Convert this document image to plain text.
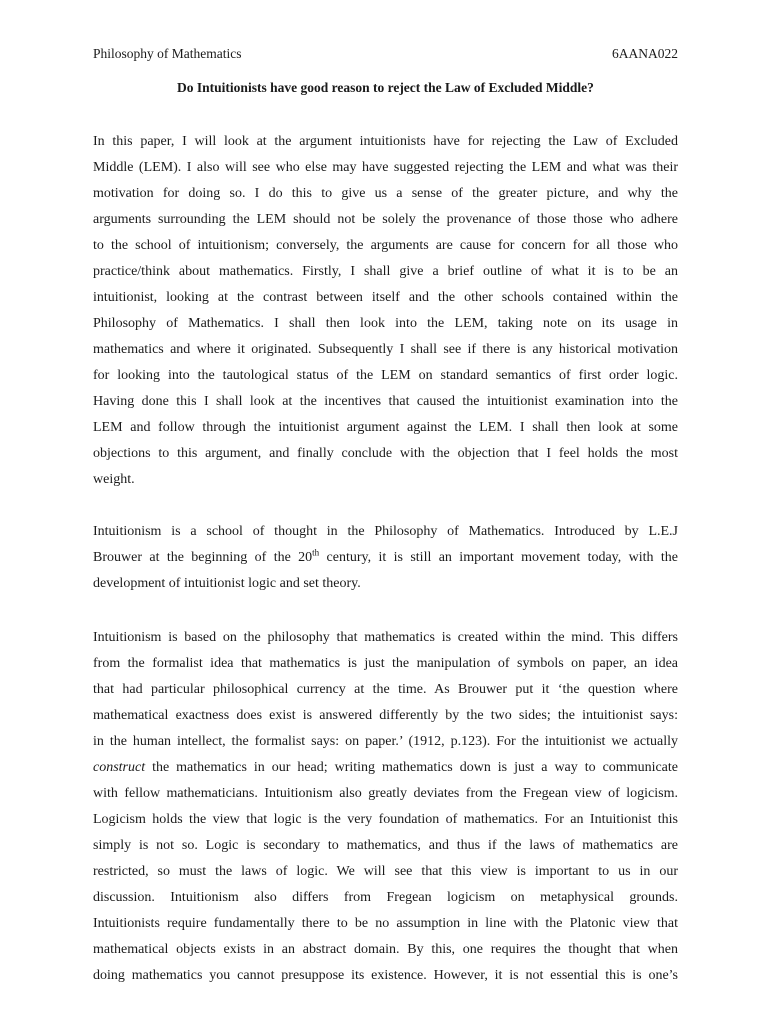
Philosophy of Mathematics	6AANA022
Do Intuitionists have good reason to reject the Law of Excluded Middle?
In this paper, I will look at the argument intuitionists have for rejecting the Law of Excluded
Middle (LEM). I also will see who else may have suggested rejecting the LEM and what was their
motivation for doing so. I do this to give us a sense of the greater picture, and why the
arguments surrounding the LEM should not be solely the provenance of those those who adhere
to the school of intuitionism; conversely, the arguments are cause for concern for all those who
practice/think about mathematics. Firstly, I shall give a brief outline of what it is to be an
intuitionist, looking at the contrast between itself and the other schools contained within the
Philosophy of Mathematics. I shall then look into the LEM, taking note on its usage in
mathematics and where it originated. Subsequently I shall see if there is any historical motivation
for looking into the tautological status of the LEM on standard semantics of first order logic.
Having done this I shall look at the incentives that caused the intuitionist examination into the
LEM and follow through the intuitionist argument against the LEM. I shall then look at some
objections to this argument, and finally conclude with the objection that I feel holds the most
weight.
Intuitionism is a school of thought in the Philosophy of Mathematics. Introduced by L.E.J
Brouwer at the beginning of the 20th century, it is still an important movement today, with the
development of intuitionist logic and set theory.
Intuitionism is based on the philosophy that mathematics is created within the mind. This differs
from the formalist idea that mathematics is just the manipulation of symbols on paper, an idea
that had particular philosophical currency at the time. As Brouwer put it ‘the question where
mathematical exactness does exist is answered differently by the two sides; the intuitionist says:
in the human intellect, the formalist says: on paper.’ (1912, p.123). For the intuitionist we actually
construct the mathematics in our head; writing mathematics down is just a way to communicate
with fellow mathematicians. Intuitionism also greatly deviates from the Fregean view of logicism.
Logicism holds the view that logic is the very foundation of mathematics. For an Intuitionist this
simply is not so. Logic is secondary to mathematics, and thus if the laws of mathematics are
restricted, so must the laws of logic. We will see that this view is important to us in our
discussion. Intuitionism also differs from Fregean logicism on metaphysical grounds.
Intuitionists require fundamentally there to be no assumption in line with the Platonic view that
mathematical objects exists in an abstract domain. By this, one requires the thought that when
doing mathematics you cannot presuppose its existence. However, it is not essential this is one’s
